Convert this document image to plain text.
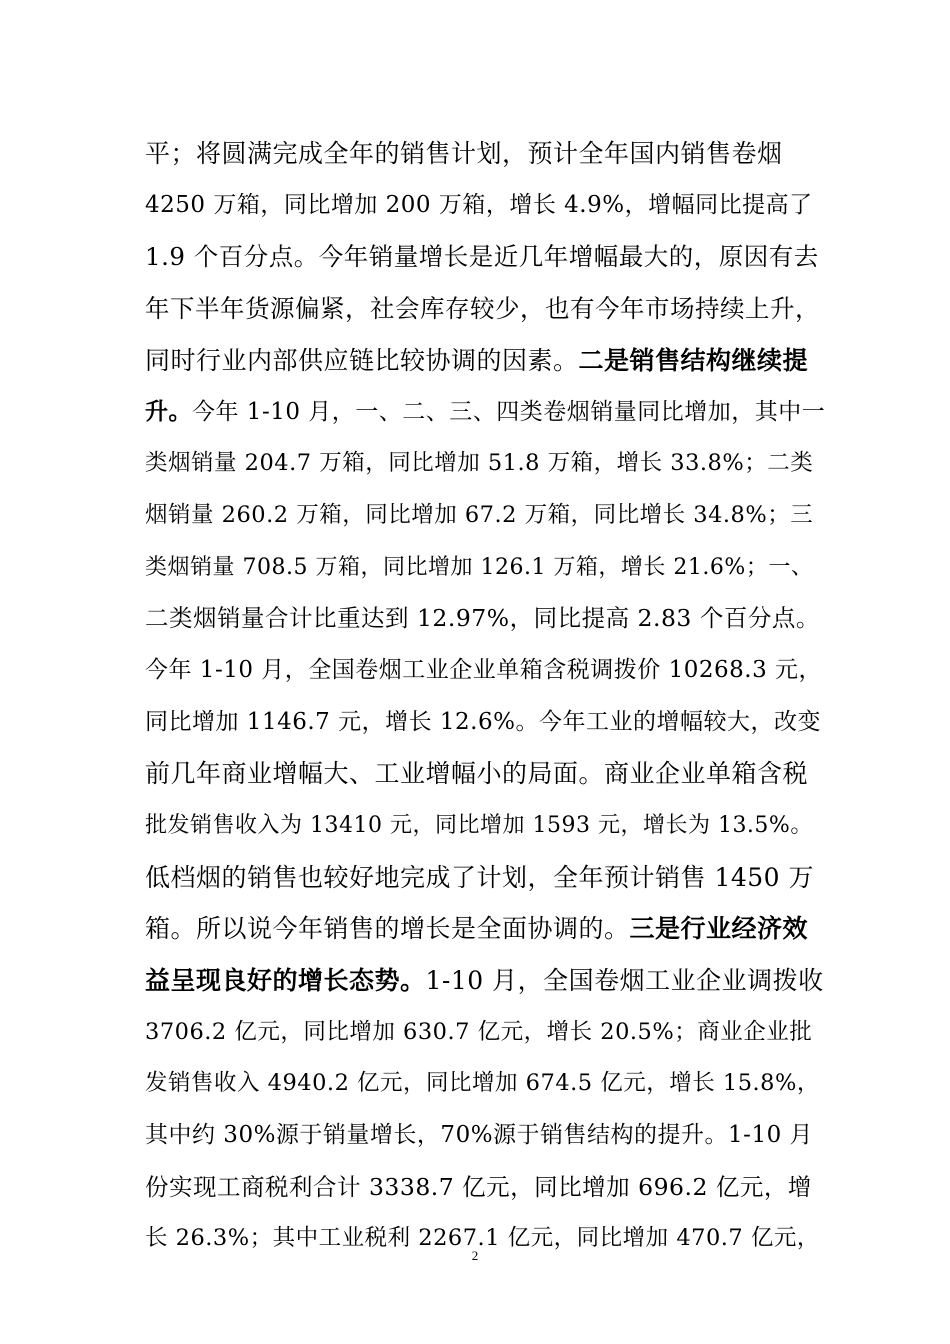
平；将圆满完成全年的销售计划，预计全年国内销售卷烟
4250 万箱，同比增加 200 万箱，增长 4.9%，增幅同比提高了
1.9 个百分点。今年销量增长是近几年增幅最大的，原因有去
年下半年货源偏紧，社会库存较少，也有今年市场持续上升，
同时行业内部供应链比较协调的因素。二是销售结构继续提
升。今年 1-10 月，一、二、三、四类卷烟销量同比增加，其中一
类烟销量 204.7 万箱，同比增加 51.8 万箱，增长 33.8%；二类
烟销量 260.2 万箱，同比增加 67.2 万箱，同比增长 34.8%；三
类烟销量 708.5 万箱，同比增加 126.1 万箱，增长 21.6%；一、
二类烟销量合计比重达到 12.97%，同比提高 2.83 个百分点。
今年 1-10 月，全国卷烟工业企业单箱含税调拨价 10268.3 元，
同比增加 1146.7 元，增长 12.6%。今年工业的增幅较大，改变
前几年商业增幅大、工业增幅小的局面。商业企业单箱含税
批发销售收入为 13410 元，同比增加 1593 元，增长为 13.5%。
低档烟的销售也较好地完成了计划，全年预计销售 1450 万
箱。所以说今年销售的增长是全面协调的。三是行业经济效
益呈现良好的增长态势。1-10 月，全国卷烟工业企业调拨收
3706.2 亿元，同比增加 630.7 亿元，增长 20.5%；商业企业批
发销售收入 4940.2 亿元，同比增加 674.5 亿元，增长 15.8%，
其中约 30%源于销量增长，70%源于销售结构的提升。1-10 月
份实现工商税利合计 3338.7 亿元，同比增加 696.2 亿元，增
长 26.3%；其中工业税利 2267.1 亿元，同比增加 470.7 亿元，
2
